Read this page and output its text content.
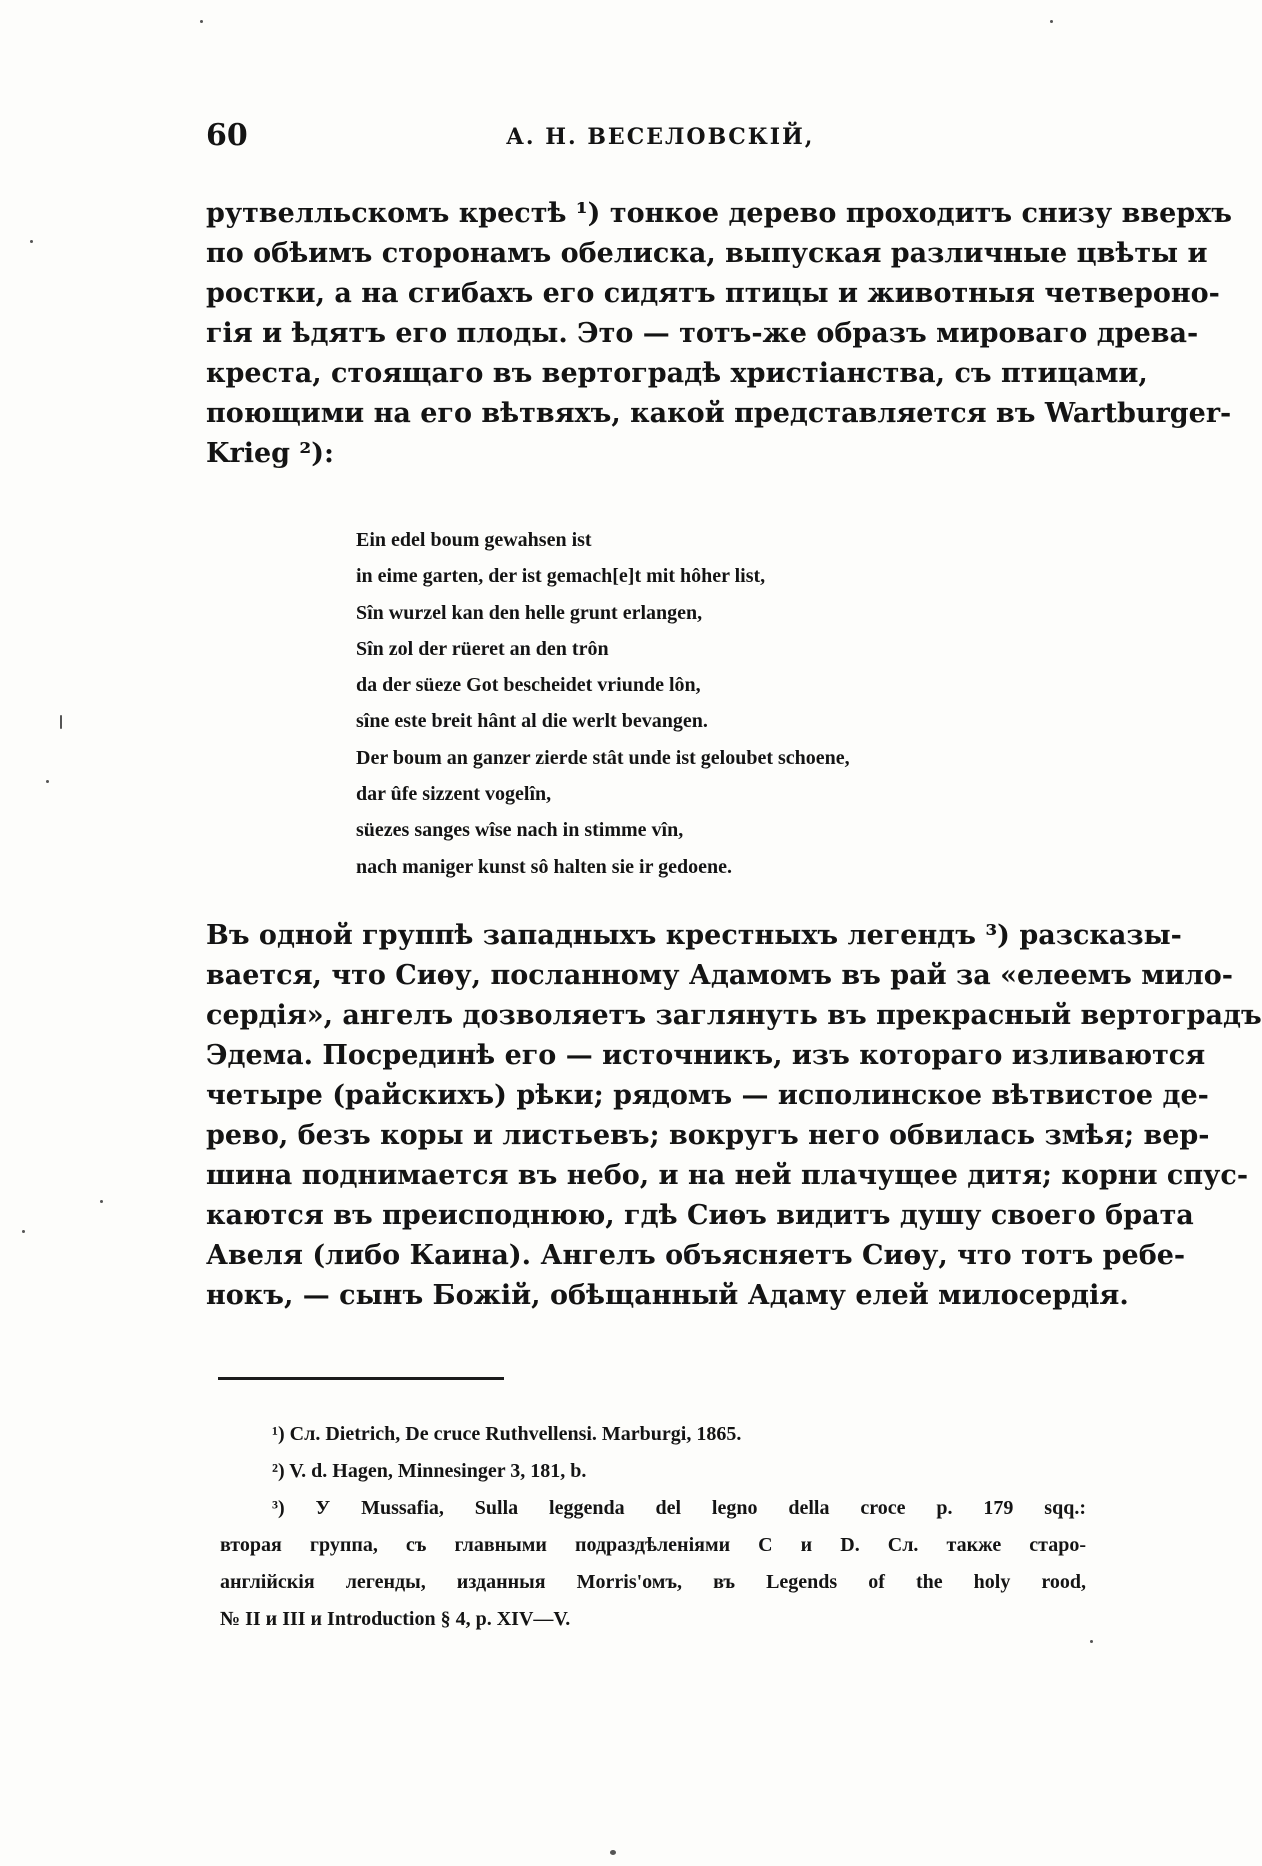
60	А. Н. ВЕСЕЛОВСКІЙ,

рутвелльскомъ крестѣ ¹) тонкое дерево проходитъ снизу вверхъ
по обѣимъ сторонамъ обелиска, выпуская различные цвѣты и
ростки, а на сгибахъ его сидятъ птицы и животныя четвероно-
гія и ѣдятъ его плоды. Это — тотъ-же образъ мироваго древа-
креста, стоящаго въ вертоградѣ христіанства, съ птицами,
поющими на его вѣтвяхъ, какой представляется въ Wartburger-
Krieg ²):

Ein edel boum gewahsen ist
in eime garten, der ist gemach[e]t mit hôher list,
Sîn wurzel kan den helle grunt erlangen,
Sîn zol der rüeret an den trôn
da der süeze Got bescheidet vriunde lôn,
sîne este breit hânt al die werlt bevangen.
Der boum an ganzer zierde stât unde ist geloubet schoene,
dar ûfe sizzent vogelîn,
süezes sanges wîse nach in stimme vîn,
nach maniger kunst sô halten sie ir gedoene.

Въ одной группѣ западныхъ крестныхъ легендъ ³) разсказы-
вается, что Сиѳу, посланному Адамомъ въ рай за «елеемъ мило-
сердія», ангелъ дозволяетъ заглянуть въ прекрасный вертоградъ
Эдема. Посрединѣ его — источникъ, изъ котораго изливаются
четыре (райскихъ) рѣки; рядомъ — исполинское вѣтвистое де-
рево, безъ коры и листьевъ; вокругъ него обвилась змѣя; вер-
шина поднимается въ небо, и на ней плачущее дитя; корни спус-
каются въ преисподнюю, гдѣ Сиѳъ видитъ душу своего брата
Авеля (либо Каина). Ангелъ объясняетъ Сиѳу, что тотъ ребе-
нокъ, — сынъ Божій, обѣщанный Адаму елей милосердія.

¹) Сл. Dietrich, De cruce Ruthvellensi. Marburgi, 1865.
²) V. d. Hagen, Minnesinger 3, 181, b.
³) У Mussafia, Sulla leggenda del legno della croce p. 179 sqq.:
вторая группа, съ главными подраздѣленіями C и D. Сл. также старо-
англійскія легенды, изданныя Morris'омъ, въ Legends of the holy rood,
№ II и III и Introduction § 4, p. XIV—V.
